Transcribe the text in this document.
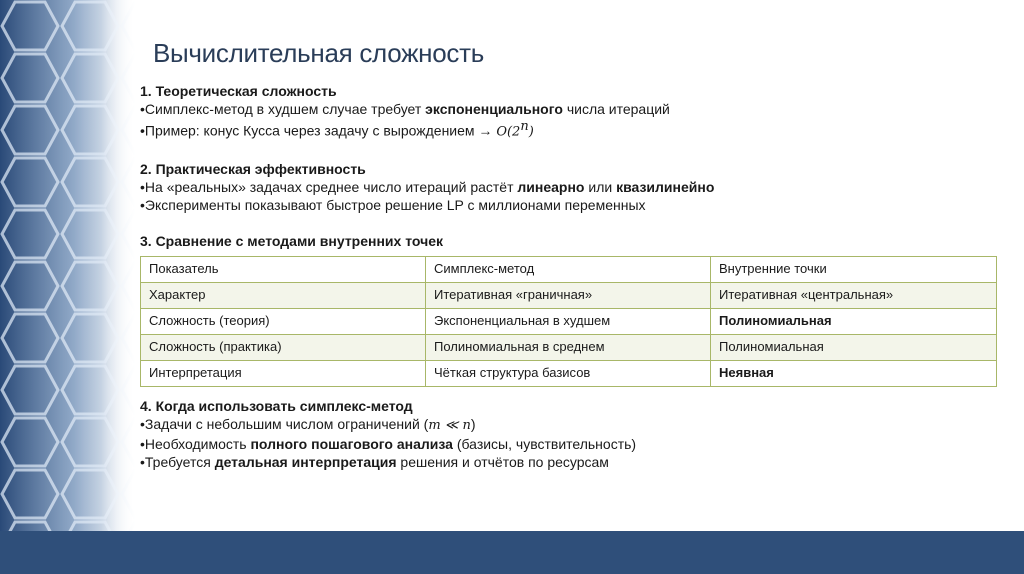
Вычислительная сложность

1. Теоретическая сложность

•Симплекс-метод в худшем случае требует экспоненциального числа итераций

•Пример: конус Кусса через задачу с вырождением → $O(2^n)$

2. Практическая эффективность

•На «реальных» задачах среднее число итераций растёт линеарно или квазилинейно

•Эксперименты показывают быстрое решение LP с миллионами переменных

3. Сравнение с методами внутренних точек

Показатель	Симплекс-метод	Внутренние точки
Характер	Итеративная «граничная»	Итеративная «центральная»
Сложность (теория)	Экспоненциальная в худшем	Полиномиальная
Сложность (практика)	Полиномиальная в среднем	Полиномиальная
Интерпретация	Чёткая структура базисов	Неявная

4. Когда использовать симплекс-метод

•Задачи с небольшим числом ограничений (m ≪ n)

•Необходимость полного пошагового анализа (базисы, чувствительность)

•Требуется детальная интерпретация решения и отчётов по ресурсам
